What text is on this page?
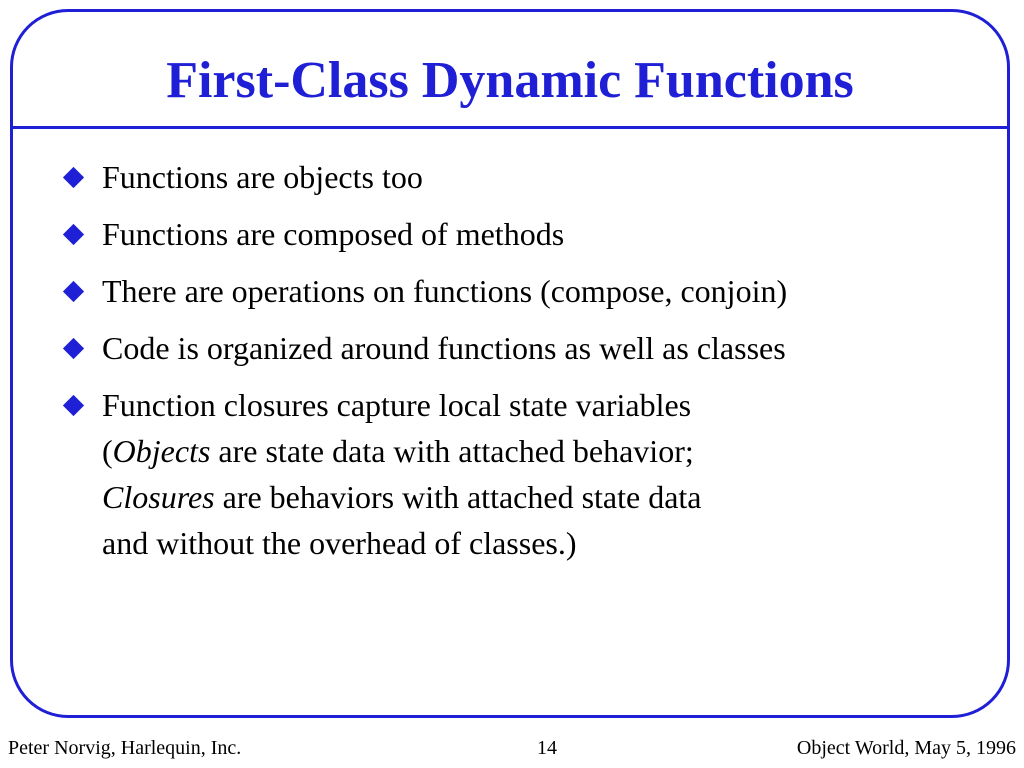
First-Class Dynamic Functions
Functions are objects too
Functions are composed of methods
There are operations on functions (compose, conjoin)
Code is organized around functions as well as classes
Function closures capture local state variables
(Objects are state data with attached behavior;
Closures are behaviors with attached state data
and without the overhead of classes.)
Peter Norvig, Harlequin, Inc.	14	Object World, May 5, 1996
